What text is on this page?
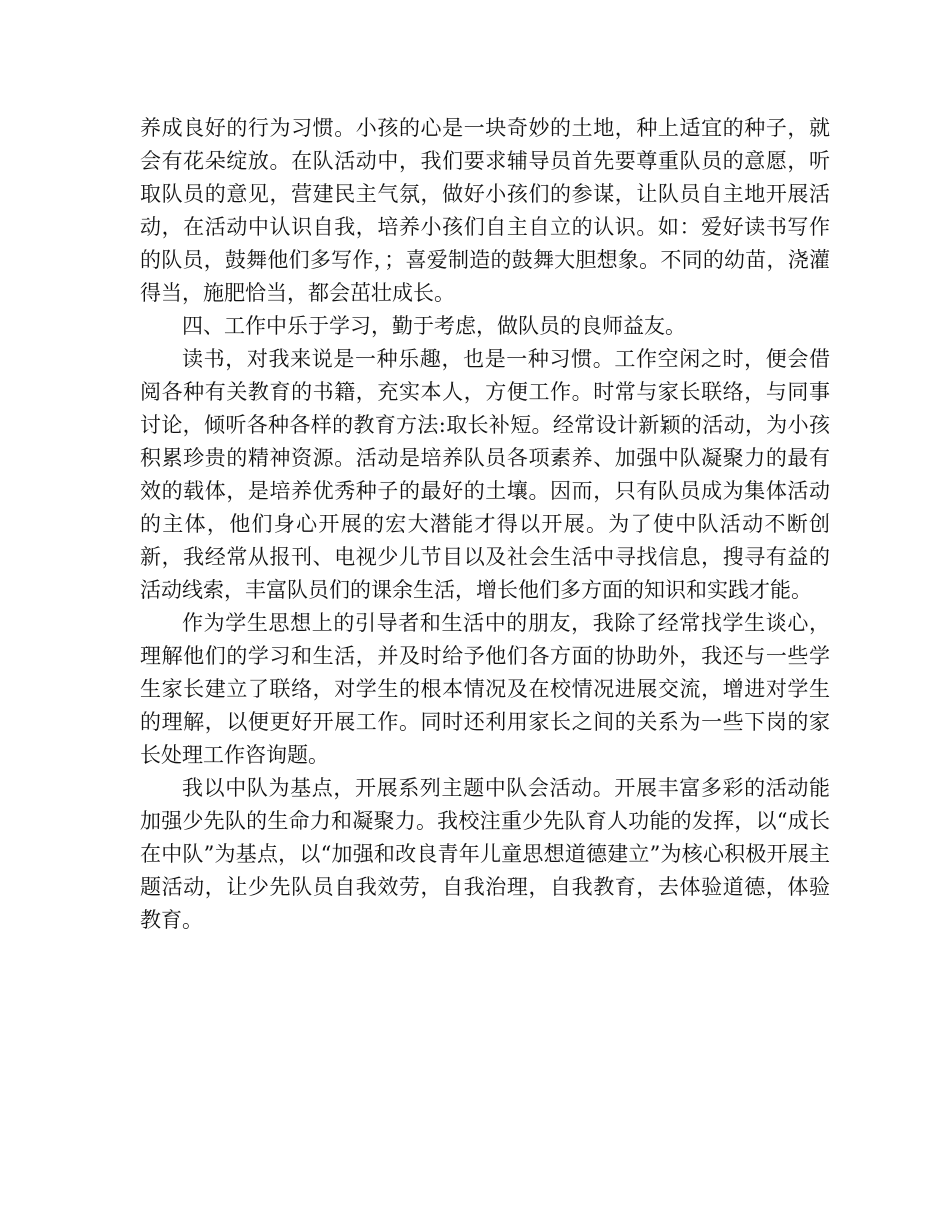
养成良好的行为习惯。小孩的心是一块奇妙的土地，种上适宜的种子，就会有花朵绽放。在队活动中，我们要求辅导员首先要尊重队员的意愿，听取队员的意见，营建民主气氛，做好小孩们的参谋，让队员自主地开展活动，在活动中认识自我，培养小孩们自主自立的认识。如：爱好读书写作的队员，鼓舞他们多写作，；喜爱制造的鼓舞大胆想象。不同的幼苗，浇灌得当，施肥恰当，都会茁壮成长。

四、工作中乐于学习，勤于考虑，做队员的良师益友。

读书，对我来说是一种乐趣，也是一种习惯。工作空闲之时，便会借阅各种有关教育的书籍，充实本人，方便工作。时常与家长联络，与同事讨论，倾听各种各样的教育方法:取长补短。经常设计新颖的活动，为小孩积累珍贵的精神资源。活动是培养队员各项素养、加强中队凝聚力的最有效的载体，是培养优秀种子的最好的土壤。因而，只有队员成为集体活动的主体，他们身心开展的宏大潜能才得以开展。为了使中队活动不断创新，我经常从报刊、电视少儿节目以及社会生活中寻找信息，搜寻有益的活动线索，丰富队员们的课余生活，增长他们多方面的知识和实践才能。

作为学生思想上的引导者和生活中的朋友，我除了经常找学生谈心，理解他们的学习和生活，并及时给予他们各方面的协助外，我还与一些学生家长建立了联络，对学生的根本情况及在校情况进展交流，增进对学生的理解，以便更好开展工作。同时还利用家长之间的关系为一些下岗的家长处理工作咨询题。

我以中队为基点，开展系列主题中队会活动。开展丰富多彩的活动能加强少先队的生命力和凝聚力。我校注重少先队育人功能的发挥，以“成长在中队”为基点，以“加强和改良青年儿童思想道德建立”为核心积极开展主题活动，让少先队员自我效劳，自我治理，自我教育，去体验道德，体验教育。
